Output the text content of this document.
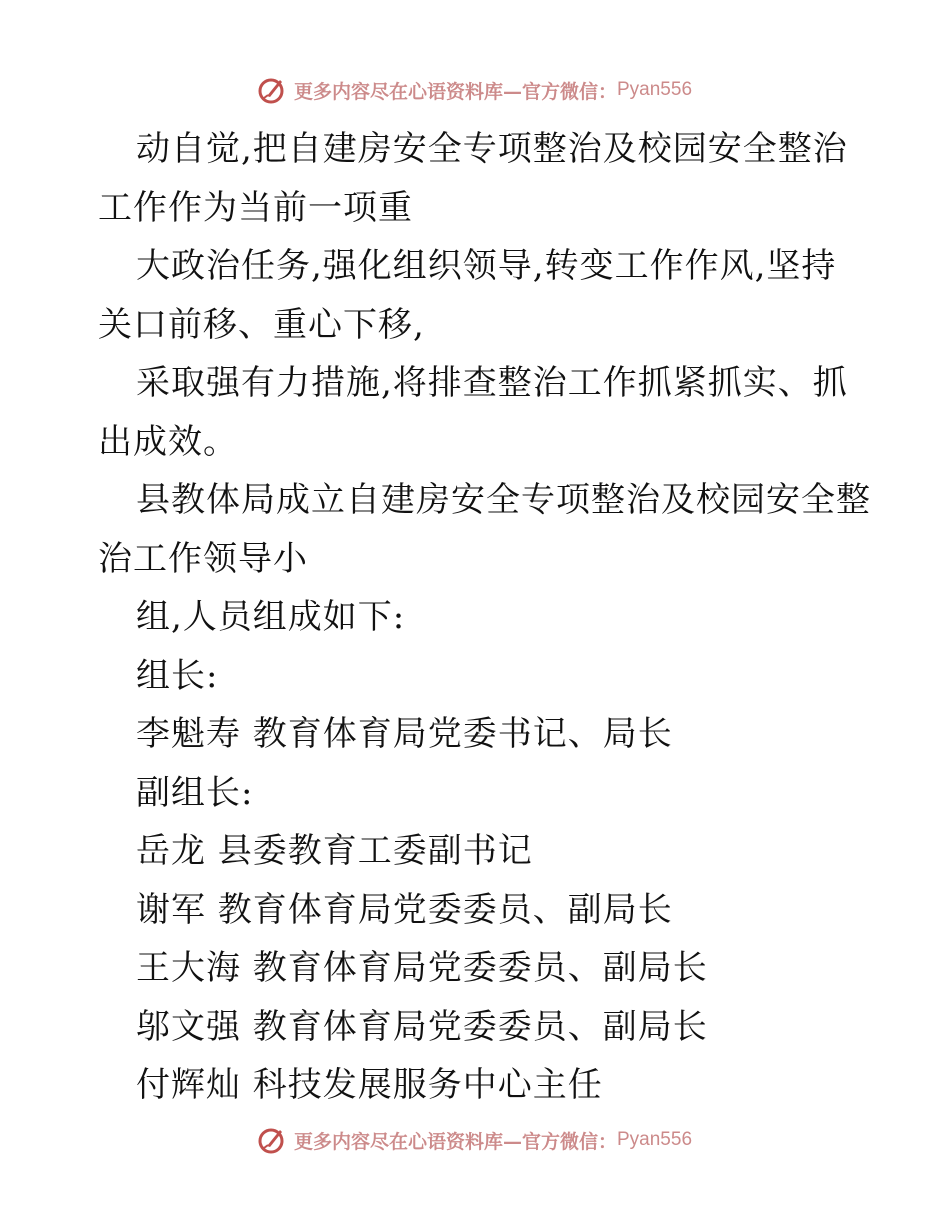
更多内容尽在心语资料库—官方微信： Pyan556
动自觉,把自建房安全专项整治及校园安全整治
工作作为当前一项重
大政治任务,强化组织领导,转变工作作风,坚持
关口前移、重心下移,
采取强有力措施,将排查整治工作抓紧抓实、抓
出成效。
县教体局成立自建房安全专项整治及校园安全整
治工作领导小
组,人员组成如下:
组长:
李魁寿 教育体育局党委书记、局长
副组长:
岳龙 县委教育工委副书记
谢军 教育体育局党委委员、副局长
王大海 教育体育局党委委员、副局长
邬文强 教育体育局党委委员、副局长
付辉灿 科技发展服务中心主任
更多内容尽在心语资料库—官方微信： Pyan556
